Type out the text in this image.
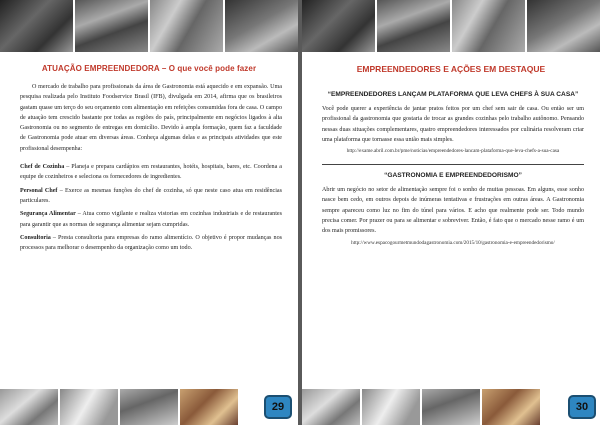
ATUAÇÃO EMPREENDEDORA – O que você pode fazer

O mercado de trabalho para profissionais da área de Gastronomia está aquecido e em expansão. Uma pesquisa realizada pelo Instituto Foodservice Brasil (IFB), divulgada em 2014, afirma que os brasileiros gastam quase um terço do seu orçamento com alimentação em refeições consumidas fora de casa. O campo de atuação tem crescido bastante por todas as regiões do país, principalmente em negócios ligados à alta Gastronomia ou no segmento de entregas em domicílio. Devido à ampla formação, quem faz a faculdade de Gastronomia pode atuar em diversas áreas. Conheça algumas delas e as principais atividades que este profissional desempenha:

Chef de Cozinha – Planeja e prepara cardápios em restaurantes, hotéis, hospitais, bares, etc. Coordena a equipe de cozinheiros e seleciona os fornecedores de ingredientes.

Personal Chef – Exerce as mesmas funções do chef de cozinha, só que neste caso atua em residências particulares.

Segurança Alimentar – Atua como vigilante e realiza vistorias em cozinhas industriais e de restaurantes para garantir que as normas de segurança alimentar sejam cumpridas.

Consultoria – Presta consultoria para empresas do ramo alimentício. O objetivo é propor mudanças nos processos para melhorar o desempenho da organização como um todo.

29
EMPREENDEDORES E AÇÕES EM DESTAQUE

“EMPREENDEDORES LANÇAM PLATAFORMA QUE LEVA CHEFS À SUA CASA”

Você pode querer a experiência de jantar pratos feitos por um chef sem sair de casa. Ou então ser um profissional da gastronomia que gostaria de trocar as grandes cozinhas pelo trabalho autônomo. Pensando nessas duas situações complementares, quatro empreendedores interessados por culinária resolveram criar uma plataforma que tornasse essa união mais simples.

http://exame.abril.com.br/pme/noticias/empreendedores-lancam-plataforma-que-leva-chefs-a-sua-casa

“GASTRONOMIA E EMPREENDEDORISMO”

Abrir um negócio no setor de alimentação sempre foi o sonho de muitas pessoas. Em alguns, esse sonho nasce bem cedo, em outros depois de inúmeras tentativas e frustrações em outras áreas. A Gastronomia sempre apareceu como luz no fim do túnel para vários. E acho que realmente pode ser. Todo mundo precisa comer. Por prazer ou para se alimentar e sobreviver. Então, é fato que o mercado nesse ramo é um dos mais promissores.

http://www.espacogourmetmundodagastronomia.com/2015/10/gastronomia-e-empreendedorismo/

30
